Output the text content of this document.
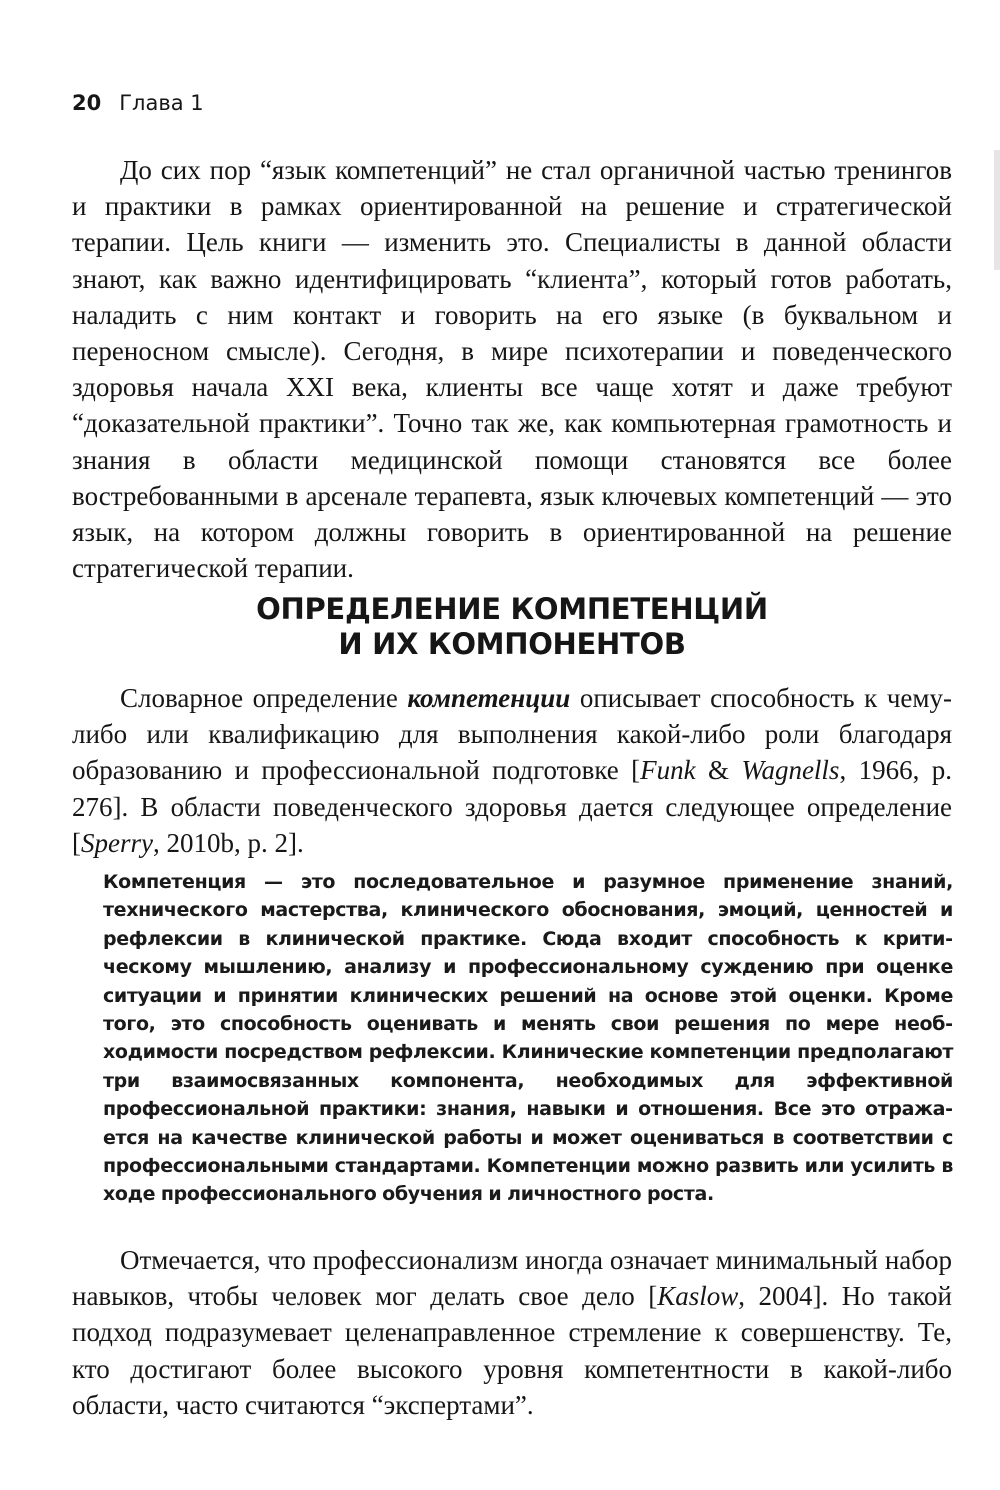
20 Глава 1

До сих пор “язык компетенций” не стал органичной частью тренингов и практики в рамках ориентированной на решение и стратегической терапии. Цель книги — изменить это. Специалисты в данной области знают, как важно идентифицировать “клиента”, который готов работать, наладить с ним контакт и говорить на его языке (в буквальном и переносном смысле). Сегодня, в мире психотерапии и поведенческого здоровья начала XXI века, клиенты все чаще хотят и даже требуют “доказательной практики”. Точно так же, как компьютерная грамотность и знания в области медицинской помощи становятся все более востребованными в арсенале терапевта, язык ключевых компетенций — это язык, на котором должны говорить в ориентированной на решение стратегической терапии.

ОПРЕДЕЛЕНИЕ КОМПЕТЕНЦИЙ
И ИХ КОМПОНЕНТОВ

Словарное определение компетенции описывает способность к чему-либо или квалификацию для выполнения какой-либо роли благодаря образованию и профессиональной подготовке [Funk & Wagnells, 1966, p. 276]. В области поведенческого здоровья дается следующее определение [Sperry, 2010b, p. 2].

Компетенция — это последовательное и разумное применение знаний, технического мастерства, клинического обоснования, эмоций, ценностей и рефлексии в клинической практике. Сюда входит способность к критическому мышлению, анализу и профессиональному суждению при оценке ситуации и принятии клинических решений на основе этой оценки. Кроме того, это способность оценивать и менять свои решения по мере необходимости посредством рефлексии. Клинические компетенции предполагают три взаимосвязанных компонента, необходимых для эффективной профессиональной практики: знания, навыки и отношения. Все это отражается на качестве клинической работы и может оцениваться в соответствии с профессиональными стандартами. Компетенции можно развить или усилить в ходе профессионального обучения и личностного роста.

Отмечается, что профессионализм иногда означает минимальный набор навыков, чтобы человек мог делать свое дело [Kaslow, 2004]. Но такой подход подразумевает целенаправленное стремление к совершенству. Те, кто достигают более высокого уровня компетентности в какой-либо области, часто считаются “экспертами”.
